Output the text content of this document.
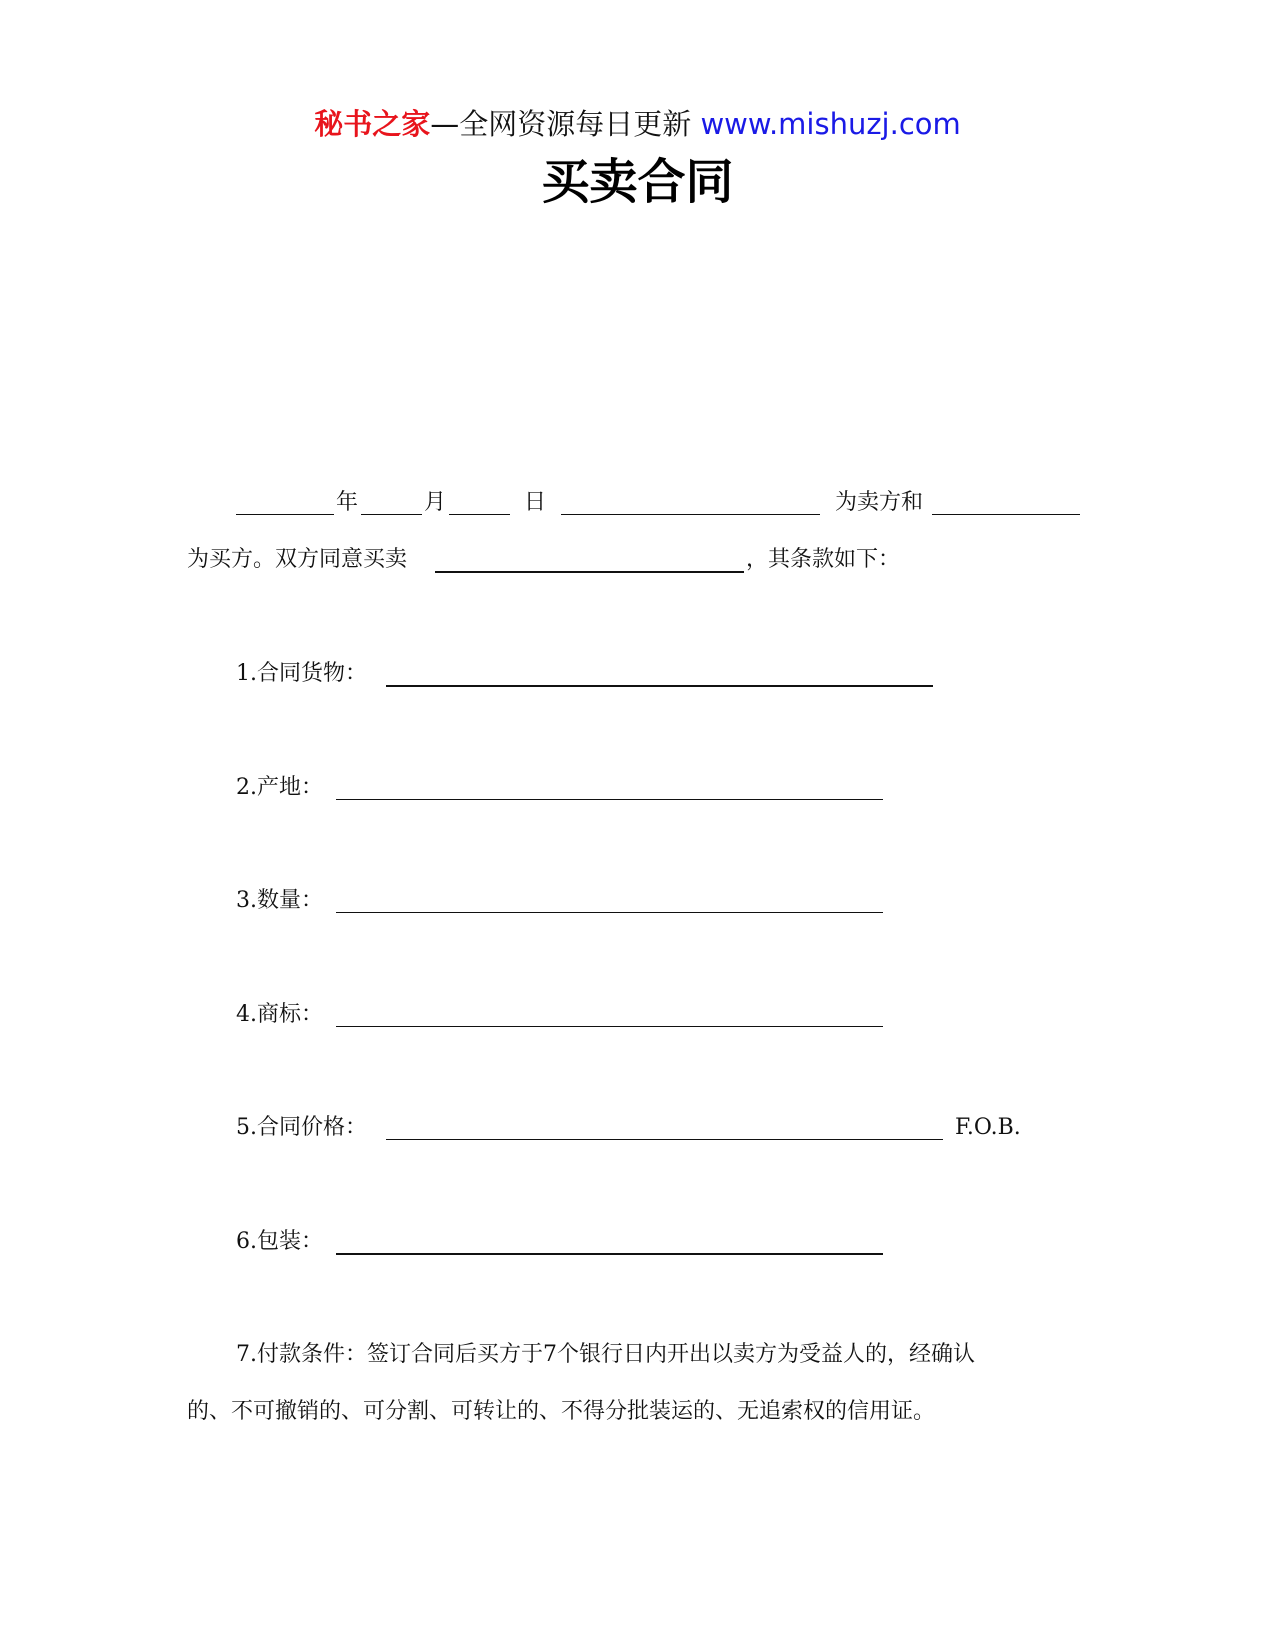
秘书之家—全网资源每日更新 www.mishuzj.com
买卖合同
年	月	日	为卖方和
为买方。双方同意买卖	，其条款如下：
1.合同货物：
2.产地：
3.数量：
4.商标：
5.合同价格：	F.O.B.
6.包装：
7.付款条件：签订合同后买方于7个银行日内开出以卖方为受益人的，经确认
的、不可撤销的、可分割、可转让的、不得分批装运的、无追索权的信用证。
